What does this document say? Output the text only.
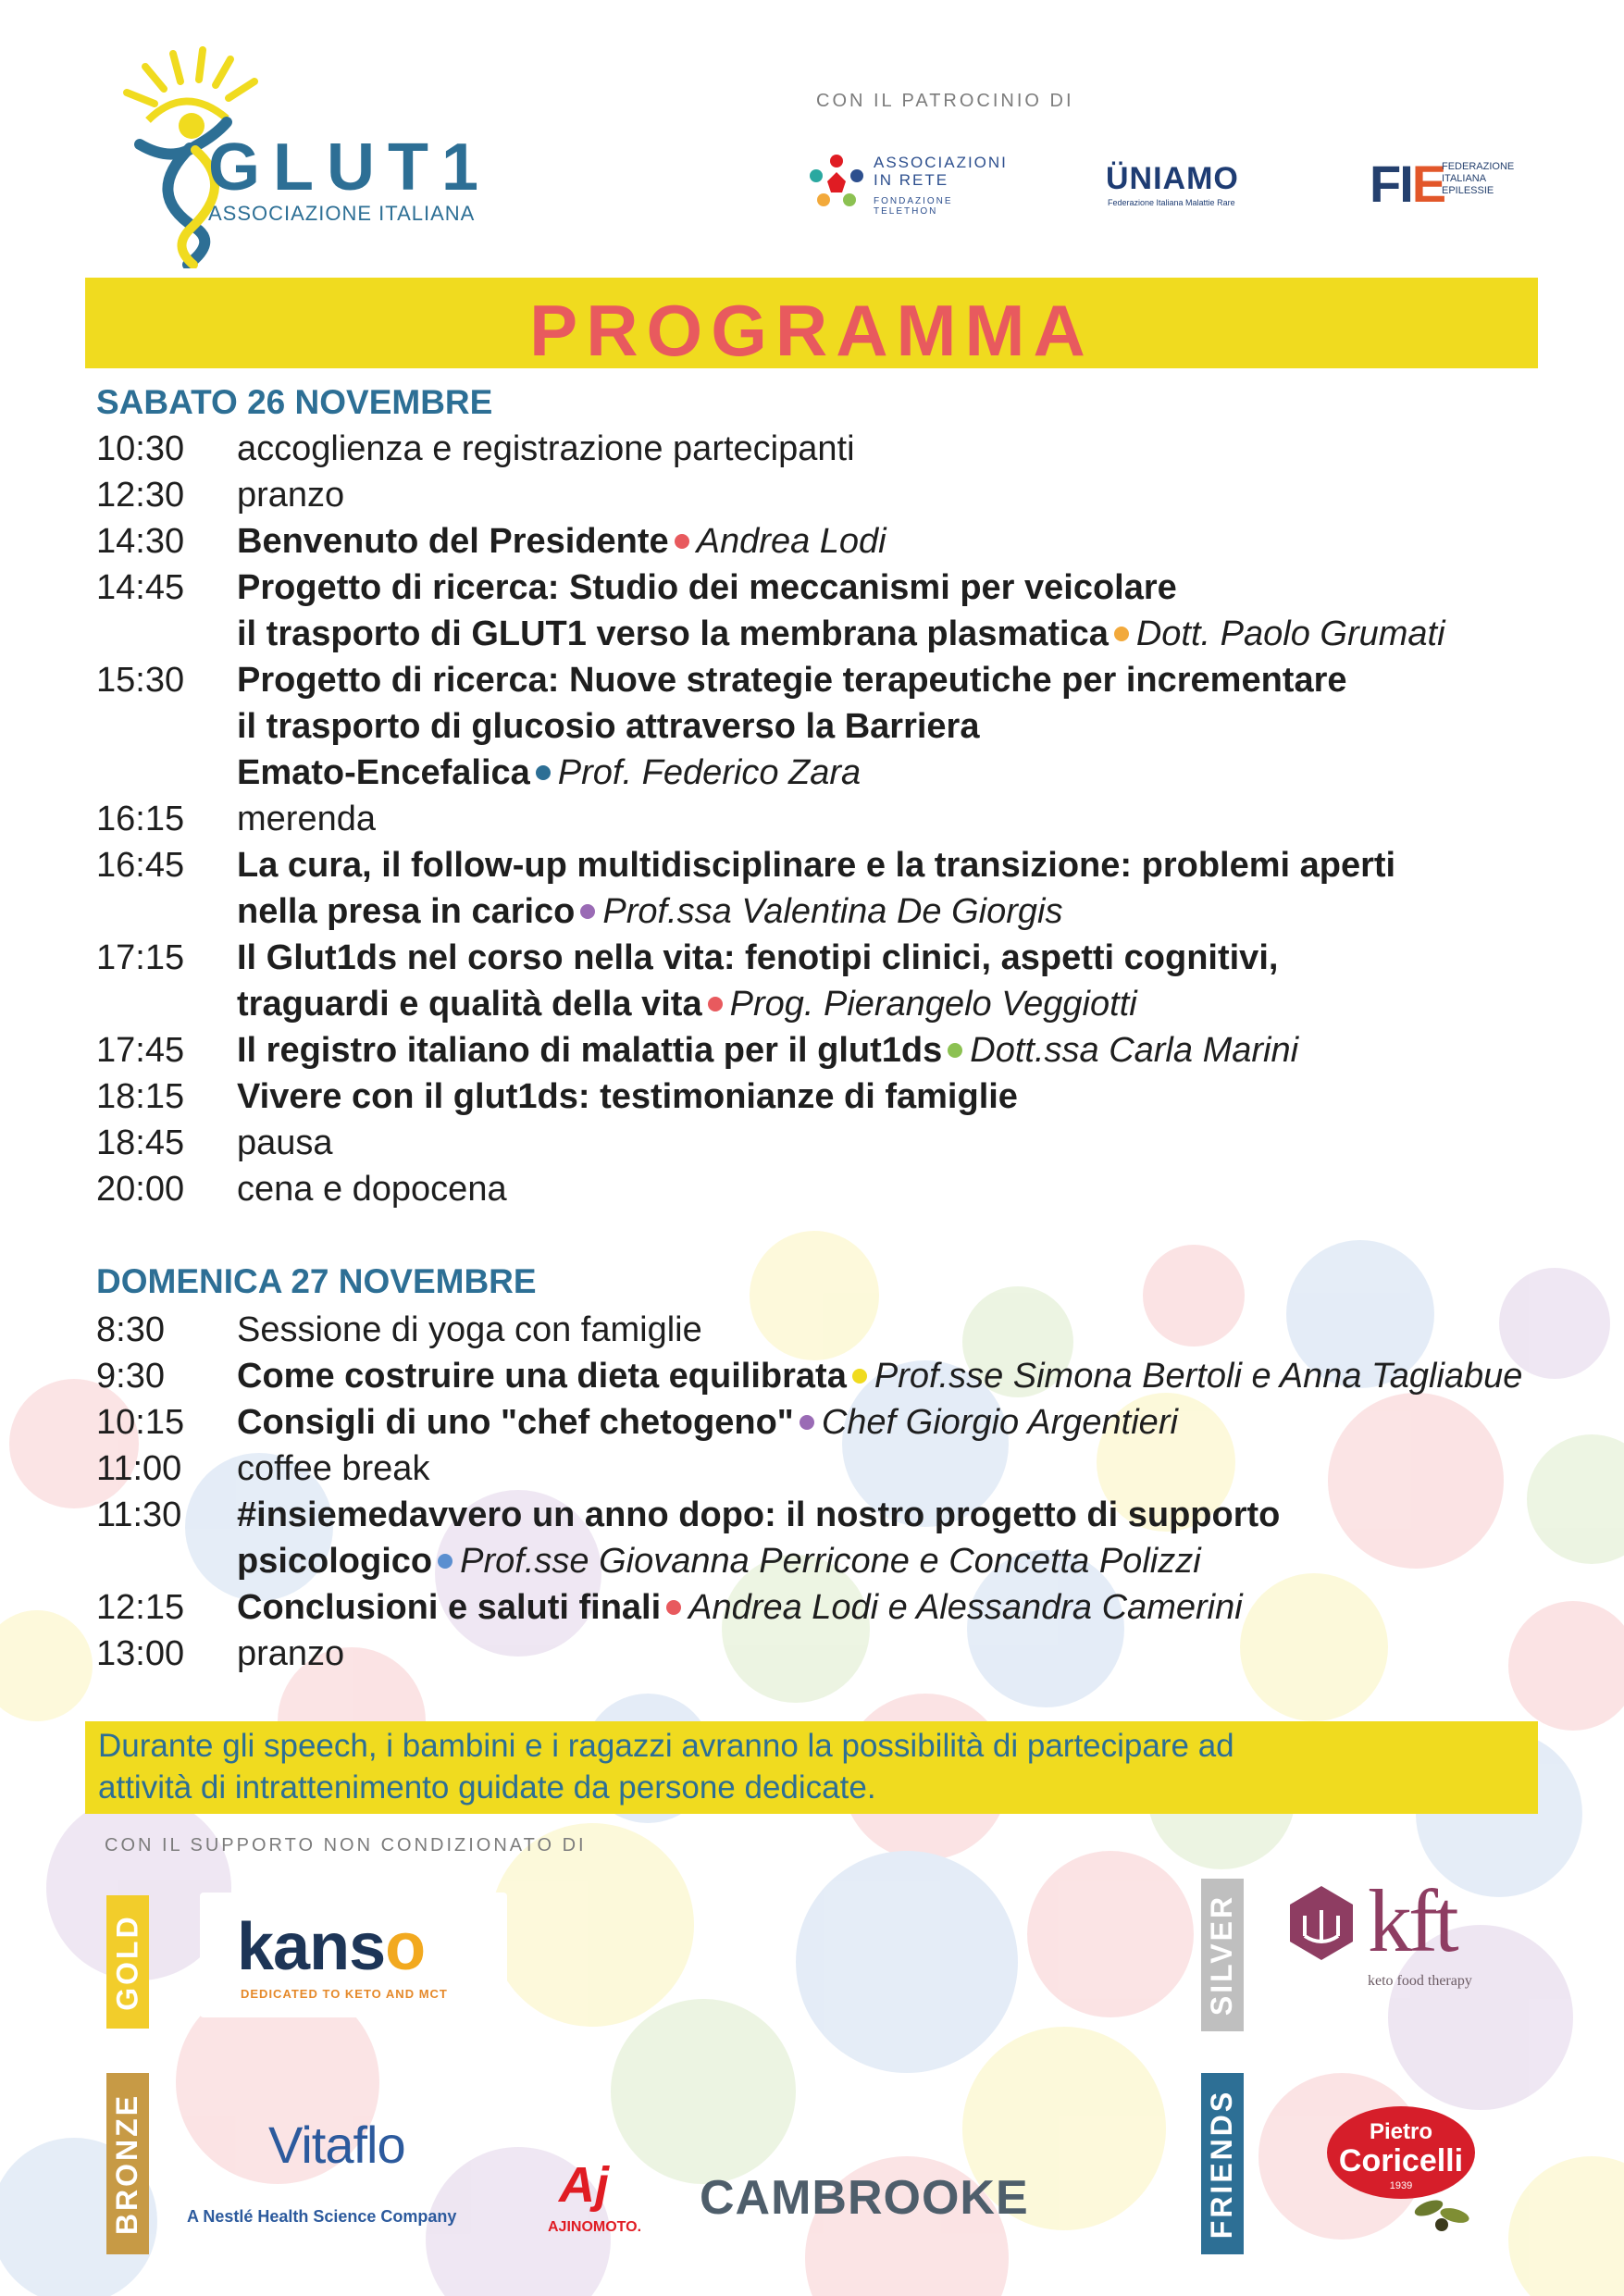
GLUT1
ASSOCIAZIONE ITALIANA
CON IL PATROCINIO DI
ASSOCIAZIONI
IN RETE
FONDAZIONE TELETHON
ÜNIAMO
Federazione Italiana Malattie Rare	FIE
FEDERAZIONE
ITALIANA
EPILESSIE
PROGRAMMA
SABATO 26 NOVEMBRE
10:30	accoglienza e registrazione partecipanti
12:30	pranzo
14:30	Benvenuto del Presidente Andrea Lodi
14:45	Progetto di ricerca: Studio dei meccanismi per veicolare
il trasporto di GLUT1 verso la membrana plasmatica Dott. Paolo Grumati
15:30	Progetto di ricerca: Nuove strategie terapeutiche per incrementare
il trasporto di glucosio attraverso la Barriera
Emato-Encefalica Prof. Federico Zara
16:15	merenda
16:45	La cura, il follow-up multidisciplinare e la transizione: problemi aperti
nella presa in carico Prof.ssa Valentina De Giorgis
17:15	Il Glut1ds nel corso nella vita: fenotipi clinici, aspetti cognitivi,
traguardi e qualità della vita Prog. Pierangelo Veggiotti
17:45	Il registro italiano di malattia per il glut1ds Dott.ssa Carla Marini
18:15	Vivere con il glut1ds: testimonianze di famiglie
18:45	pausa
20:00	cena e dopocena
DOMENICA 27 NOVEMBRE
8:30	Sessione di yoga con famiglie
9:30	Come costruire una dieta equilibrata Prof.sse Simona Bertoli e Anna Tagliabue
10:15	Consigli di uno "chef chetogeno" Chef Giorgio Argentieri
11:00	coffee break
11:30	#insiemedavvero un anno dopo: il nostro progetto di supporto
psicologico Prof.sse Giovanna Perricone e Concetta Polizzi
12:15	Conclusioni e saluti finali Andrea Lodi e Alessandra Camerini
13:00	pranzo
Durante gli speech, i bambini e i ragazzi avranno la possibilità di partecipare ad
attività di intrattenimento guidate da persone dedicate.
CON IL SUPPORTO NON CONDIZIONATO DI
GOLD	SILVER
BRONZE	FRIENDS
kanso
DEDICATED TO KETO AND MCT
kft
keto food therapy
Vitaflo
A Nestlé Health Science Company
Aj
AJINOMOTO.
CAMBROOKE
Pietro
Coricelli
1939
